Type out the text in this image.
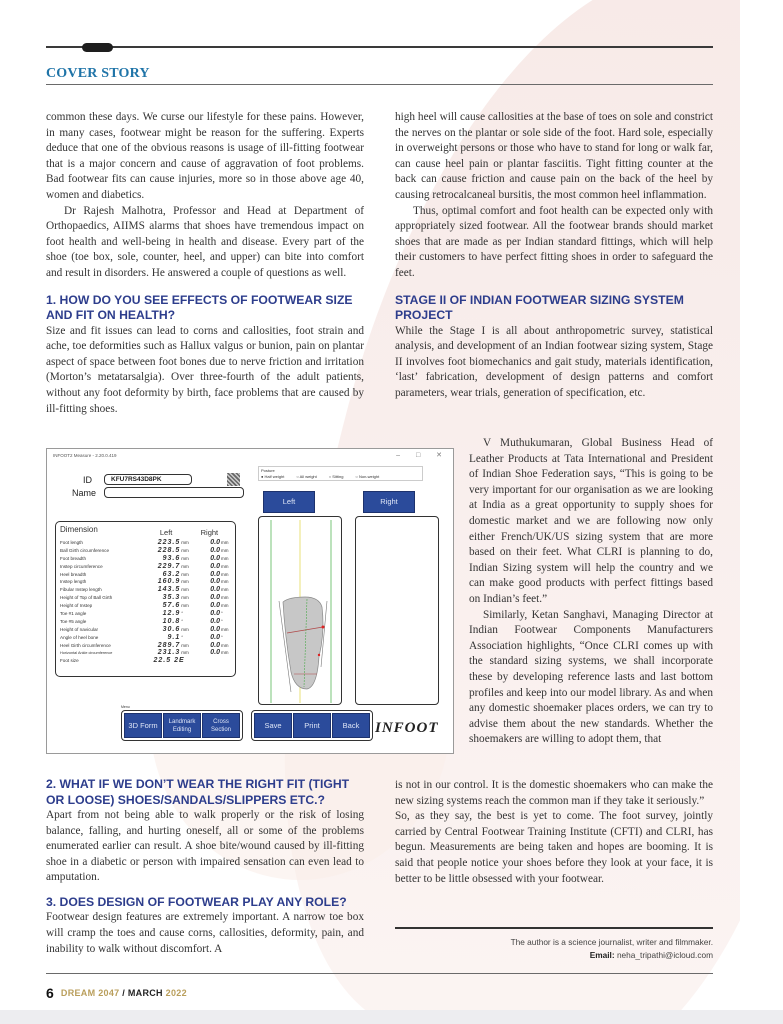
COVER STORY

common these days. We curse our lifestyle for these pains. However, in many cases, footwear might be reason for the suffering. Experts deduce that one of the obvious reasons is usage of ill-fitting footwear that is a major concern and cause of aggravation of foot problems. Bad footwear fits can cause injuries, more so in those above age 40, women and diabetics.

Dr Rajesh Malhotra, Professor and Head at Department of Orthopaedics, AIIMS alarms that shoes have tremendous impact on foot health and well-being in health and disease. Every part of the shoe (toe box, sole, counter, heel, and upper) can bite into comfort and result in disorders. He answered a couple of questions as well.

1. HOW DO YOU SEE EFFECTS OF FOOTWEAR SIZE AND FIT ON HEALTH?

Size and fit issues can lead to corns and callosities, foot strain and ache, toe deformities such as Hallux valgus or bunion, pain on plantar aspect of space between foot bones due to nerve friction and irritation (Morton’s metatarsalgia). Over three-fourth of the adult patients, without any foot deformity by birth, face problems that are caused by ill-fitting shoes.

INFOOT2 Measure - 2.20.0.419	– □ ✕
ID	KFU7RS43D8PK
Name
Posture
● Half weight	○ All weight	○ Sitting	○ Non-weight
Left	Right
Dimension	Left	Right
Foot length	223.5mm	0.0mm
Ball Girth circumference	228.5mm	0.0mm
Foot breadth	93.6mm	0.0mm
Instep circumference	229.7mm	0.0mm
Heel breadth	63.2mm	0.0mm
Instep length	160.9mm	0.0mm
Fibular Instep length	143.5mm	0.0mm
Height of Top of Ball Girth	35.3mm	0.0mm
Height of Instep	57.6mm	0.0mm
Toe #1 angle	12.9°	0.0°
Toe #5 angle	10.8°	0.0°
Height of navicular	30.6mm	0.0mm
Angle of heel bone	9.1°	0.0°
Heel Girth circumference	289.7mm	0.0mm
Horizontal Ankle circumference	231.3mm	0.0mm
Foot size	22.5 2E
Menu
3D Form	Landmark Editing
Cross Section	Save	Print	Back	INFOOT
2. WHAT IF WE DON’T WEAR THE RIGHT FIT (TIGHT OR LOOSE) SHOES/SANDALS/SLIPPERS ETC.?

Apart from not being able to walk properly or the risk of losing balance, falling, and hurting oneself, all or some of the problems enumerated earlier can result. A shoe bite/wound caused by ill-fitting shoe in a diabetic or person with impaired sensation can even lead to amputation.

3. DOES DESIGN OF FOOTWEAR PLAY ANY ROLE?

Footwear design features are extremely important. A narrow toe box will cramp the toes and cause corns, callosities, deformity, pain, and inability to walk without discomfort. A

high heel will cause callosities at the base of toes on sole and constrict the nerves on the plantar or sole side of the foot. Hard sole, especially in overweight persons or those who have to stand for long or walk far, can cause heel pain or plantar fasciitis. Tight fitting counter at the back can cause friction and cause pain on the back of the heel by causing retrocalcaneal bursitis, the most common heel inflammation.

Thus, optimal comfort and foot health can be expected only with appropriately sized footwear. All the footwear brands should market shoes that are made as per Indian standard fittings, which will help their customers to have perfect fitting shoes in order to safeguard the feet.

STAGE II OF INDIAN FOOTWEAR SIZING SYSTEM PROJECT

While the Stage I is all about anthropometric survey, statistical analysis, and development of an Indian footwear sizing system, Stage II involves foot biomechanics and gait study, materials identification, ‘last’ fabrication, development of design patterns and comfort parameters, wear trials, generation of specification, etc.

V Muthukumaran, Global Business Head of Leather Products at Tata International and President of Indian Shoe Federation says, “This is going to be very important for our organisation as we are looking at India as a great opportunity to supply shoes for domestic market and we are following now only either French/UK/US sizing system that are more based on their feet. What CLRI is planning to do, Indian Sizing system will help the country and we can make good products with perfect fittings based on Indian’s feet.”

Similarly, Ketan Sanghavi, Managing Director at Indian Footwear Components Manufacturers Association highlights, “Once CLRI comes up with the standard sizing systems, we shall incorporate these by developing reference lasts and last bottom profiles and keep into our model library. As and when any domestic shoemaker places orders, we can try to advise them about the new standards. Whether the shoemakers are willing to adopt them, that

is not in our control. It is the domestic shoemakers who can make the new sizing systems reach the common man if they take it seriously.”

So, as they say, the best is yet to come. The foot survey, jointly carried by Central Footwear Training Institute (CFTI) and CLRI, has begun. Measurements are being taken and hopes are booming. It is said that people notice your shoes before they look at your face, it is better to be little obsessed with your footwear.

The author is a science journalist, writer and filmmaker.
Email: neha_tripathi@icloud.com
6 DREAM 2047 / MARCH 2022
